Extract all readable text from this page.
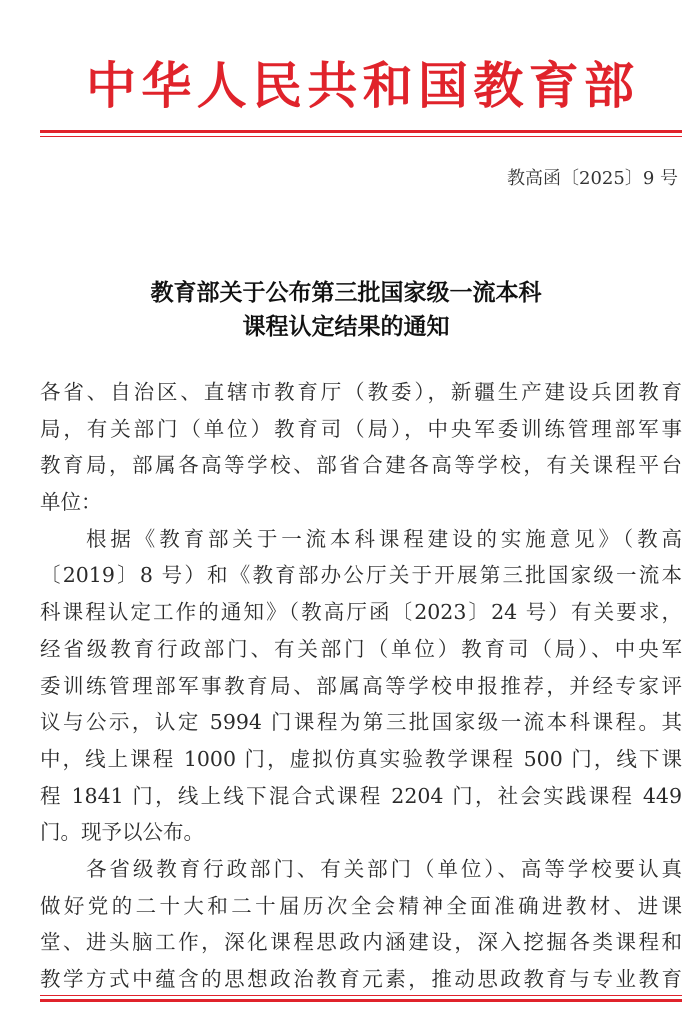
中华人民共和国教育部
教高函〔2025〕9 号
教育部关于公布第三批国家级一流本科
课程认定结果的通知
各省、自治区、直辖市教育厅（教委），新疆生产建设兵团教育
局，有关部门（单位）教育司（局），中央军委训练管理部军事
教育局，部属各高等学校、部省合建各高等学校，有关课程平台
单位：
根据《教育部关于一流本科课程建设的实施意见》（教高
〔2019〕8 号）和《教育部办公厅关于开展第三批国家级一流本
科课程认定工作的通知》（教高厅函〔2023〕24 号）有关要求，
经省级教育行政部门、有关部门（单位）教育司（局）、中央军
委训练管理部军事教育局、部属高等学校申报推荐，并经专家评
议与公示，认定 5994 门课程为第三批国家级一流本科课程。其
中，线上课程 1000 门，虚拟仿真实验教学课程 500 门，线下课
程 1841 门，线上线下混合式课程 2204 门，社会实践课程 449
门。现予以公布。
各省级教育行政部门、有关部门（单位）、高等学校要认真
做好党的二十大和二十届历次全会精神全面准确进教材、进课
堂、进头脑工作，深化课程思政内涵建设，深入挖掘各类课程和
教学方式中蕴含的思想政治教育元素，推动思政教育与专业教育
